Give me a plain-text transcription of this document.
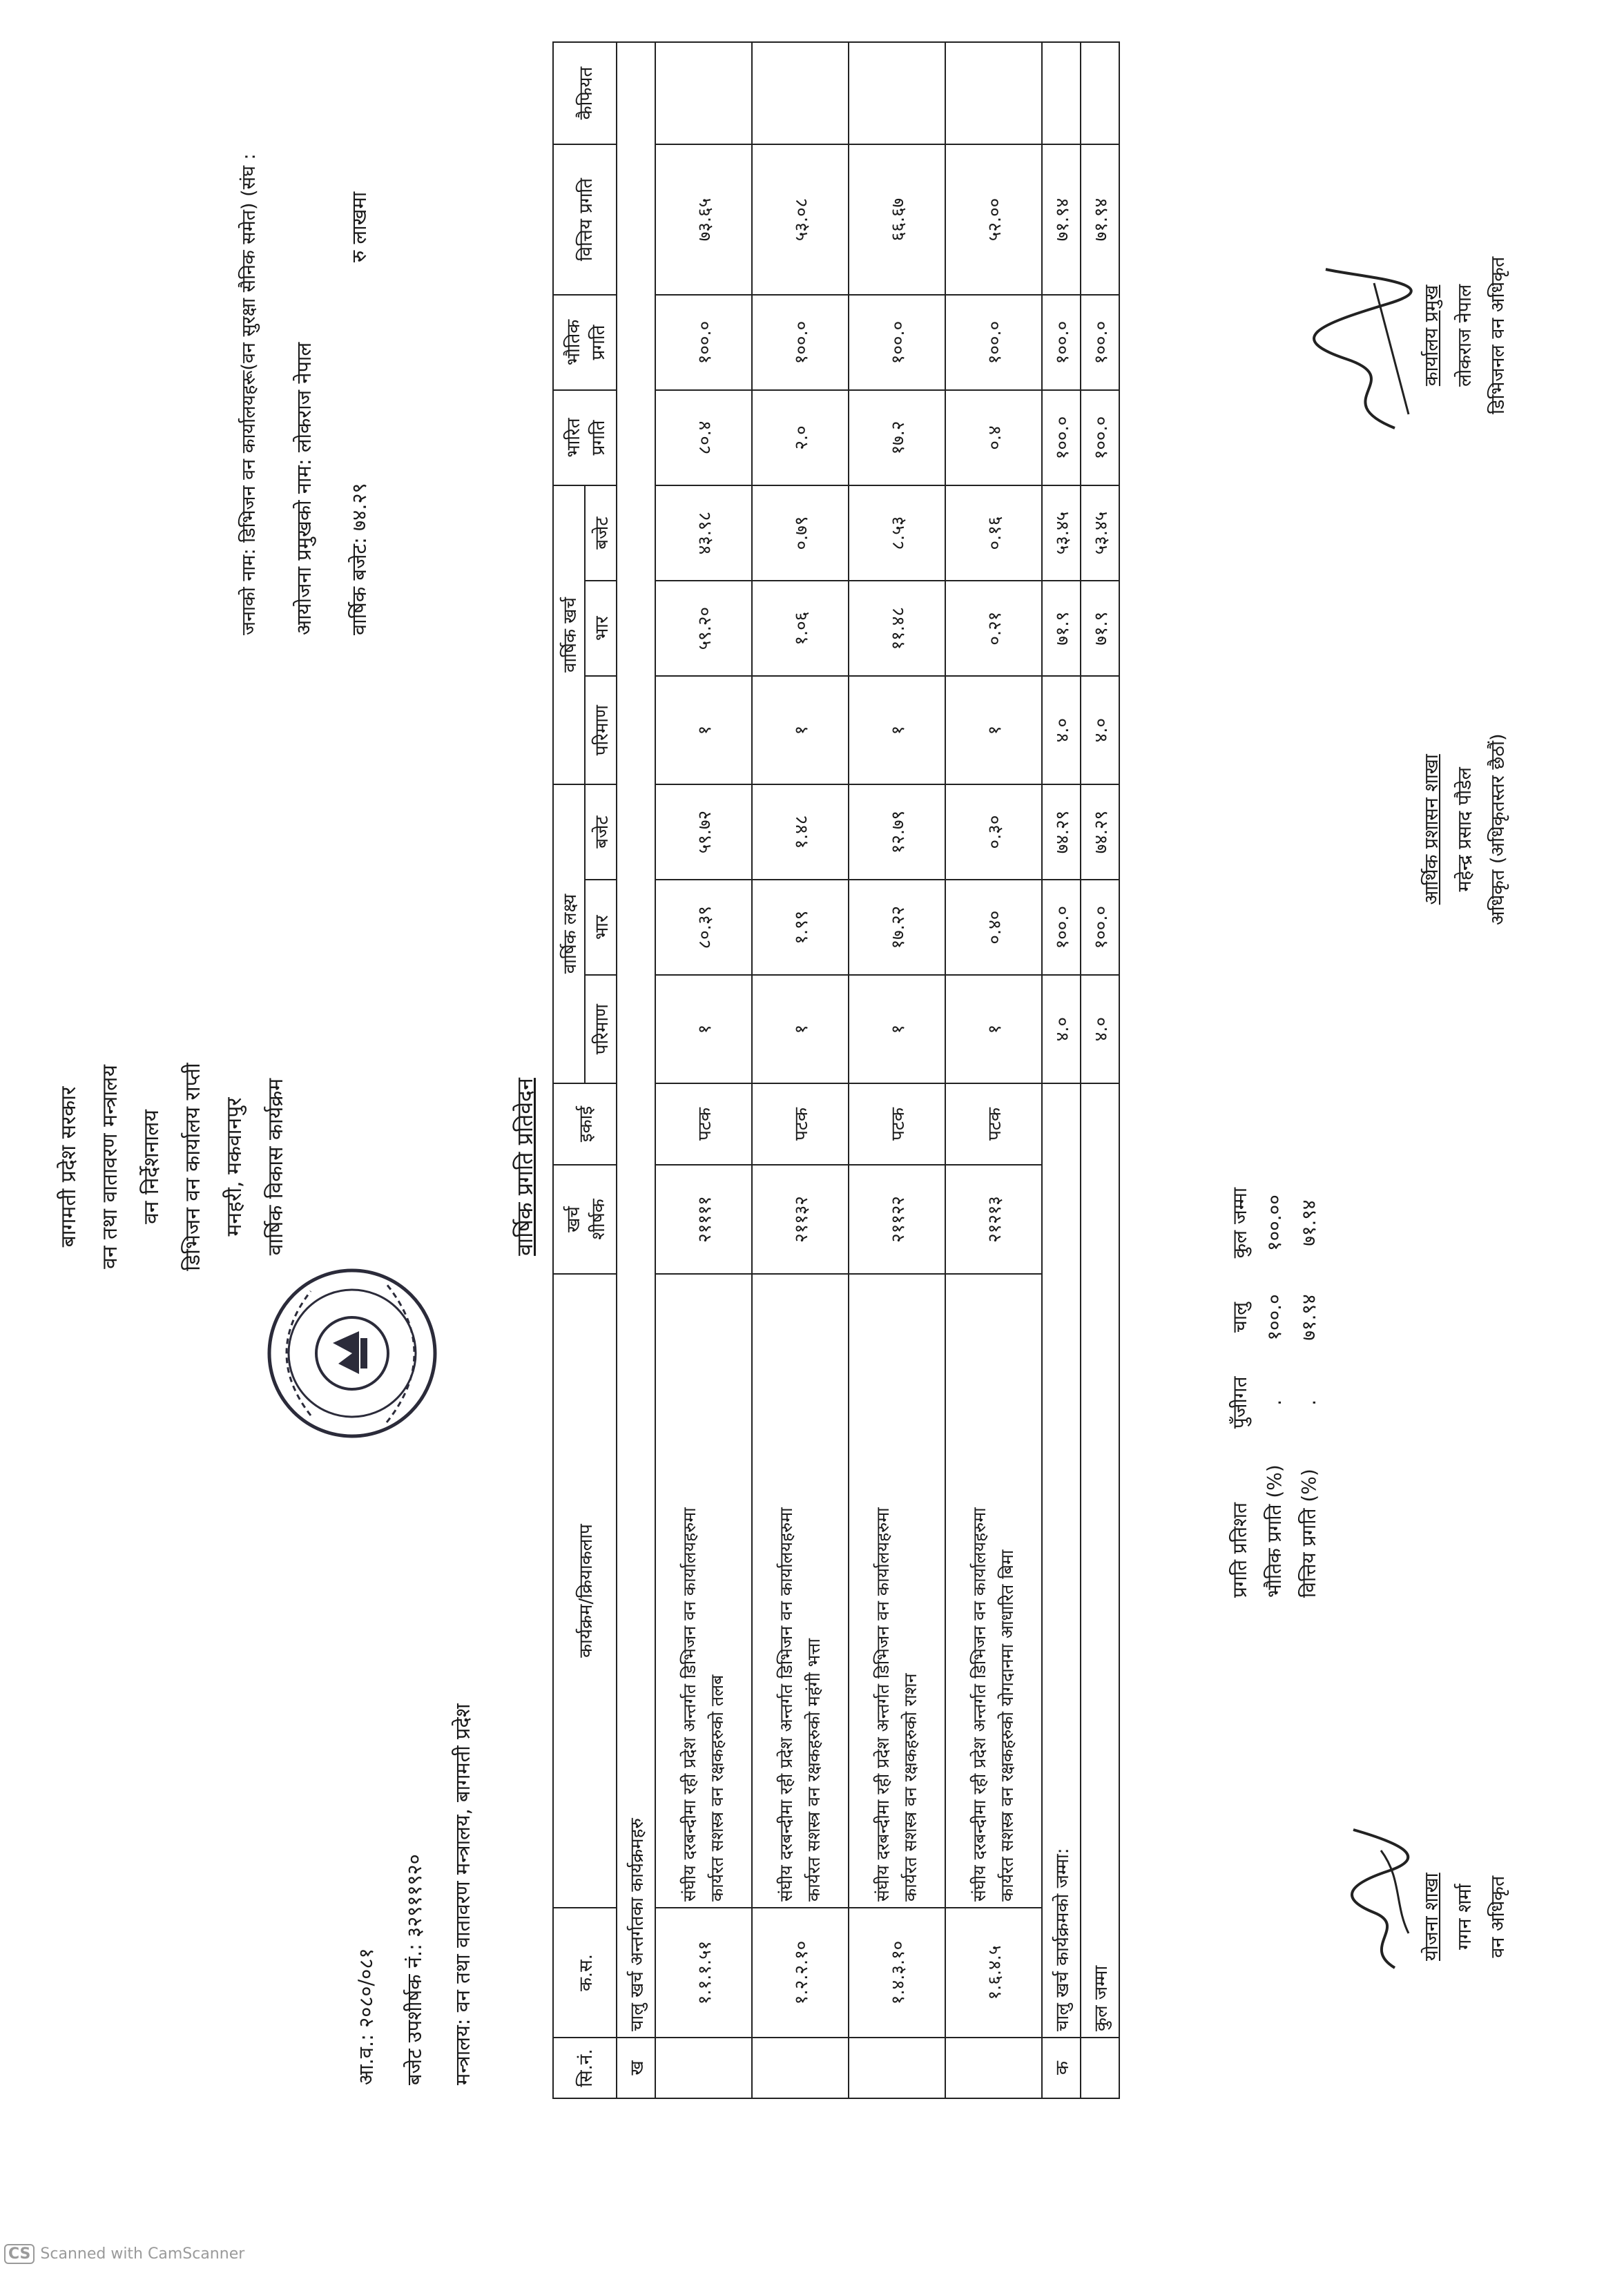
बागमती प्रदेश सरकार वन तथा वातावरण मन्त्रालय वन निर्देशनालय डिभिजन वन कार्यालय राप्ती मनहरी, मकवानपुर वार्षिक विकास कार्यक्रम	वार्षिक प्रगति प्रतिवेदन
आ.व.: २०८०/०८१ बजेट उपशीर्षक नं.: ३२९११९२० मन्त्रालय: वन तथा वातावरण मन्त्रालय, बागमती प्रदेश
जनाको नाम: डिभिजन वन कार्यालयहरू(वन सुरक्षा सैनिक समेत) (संघ : आयोजना प्रमुखको नाम: लोकराज नेपाल वार्षिक बजेट: ७४.२९
रु लाखमा
सि.नं.	क.स.	कार्यक्रम/क्रियाकलाप	खर्च शीर्षक	इकाई	वार्षिक लक्ष्य			वार्षिक खर्च			भारित प्रगति	भौतिक प्रगति	वित्तिय प्रगति	कैफियत
					परिमाण	भार	बजेट	परिमाण	भार	बजेट				
ख	चालु खर्च अन्तर्गतका कार्यक्रमहरु													
	१.१.१.५१	संघीय दरबन्दीमा रही प्रदेश अन्तर्गत डिभिजन वन कार्यालयहरुमा कार्यरत सशस्त्र वन रक्षकहरुको तलब	२११११	पटक	१	८०.३९	५९.७२	१	५९.२०	४३.९८	८०.४	१००.०	७३.६५	
	१.२.२.१०	संघीय दरबन्दीमा रही प्रदेश अन्तर्गत डिभिजन वन कार्यालयहरुमा कार्यरत सशस्त्र वन रक्षकहरुको महंगी भत्ता	२११३२	पटक	१	१.९९	१.४८	१	१.०६	०.७९	२.०	१००.०	५३.०८	
	१.४.३.१०	संघीय दरबन्दीमा रही प्रदेश अन्तर्गत डिभिजन वन कार्यालयहरुमा कार्यरत सशस्त्र वन रक्षकहरुको राशन	२११२२	पटक	१	१७.२२	१२.७९	१	११.४८	८.५३	१७.२	१००.०	६६.६७	
	१.६.४.५	संघीय दरबन्दीमा रही प्रदेश अन्तर्गत डिभिजन वन कार्यालयहरुमा कार्यरत सशस्त्र वन रक्षकहरुको योगदानमा आधारित बिमा	२१२१३	पटक	१	०.४०	०.३०	१	०.२१	०.१६	०.४	१००.०	५२.००	
क	चालु खर्च कार्यक्रमको जम्मा:				४.०	१००.०	७४.२९	४.०	७१.९	५३.४५	१००.०	१००.०	७१.९४	
	कुल जम्मा				४.०	१००.०	७४.२९	४.०	७१.९	५३.४५	१००.०	१००.०	७१.९४	
प्रगति प्रतिशत	पुँजीगत	चालु	कुल जम्मा
भौतिक प्रगति (%)	.	१००.०	१००.००
वित्तिय प्रगति (%)	.	७१.९४	७१.९४
योजना शाखा गगन शर्मा वन अधिकृत
आर्थिक प्रशासन शाखा महेन्द्र प्रसाद पौडेल अधिकृत (अधिकृतस्तर छैठौं)
कार्यालय प्रमुख लोकराज नेपाल डिभिजनल वन अधिकृत
CS Scanned with CamScanner
